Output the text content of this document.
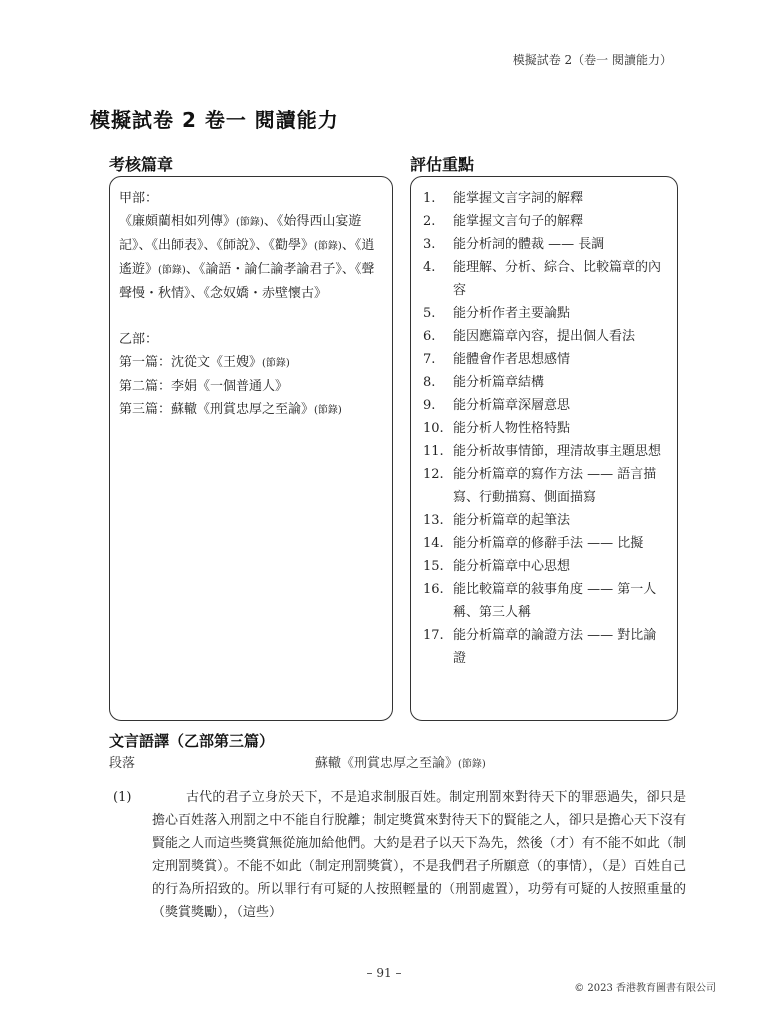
模擬試卷 2（卷一 閱讀能力）
模擬試卷 2 卷一 閱讀能力
考核篇章	評估重點
甲部：
《廉頗藺相如列傳》(節錄)、《始得西山宴遊記》、《出師表》、《師說》、《勸學》(節錄)、《逍遙遊》(節錄)、《論語・論仁論孝論君子》、《聲聲慢・秋情》、《念奴嬌・赤壁懷古》
乙部：
第一篇：沈從文《王嫂》(節錄)
第二篇：李娟《一個普通人》
第三篇：蘇轍《刑賞忠厚之至論》(節錄)
1.	能掌握文言字詞的解釋
2.	能掌握文言句子的解釋
3.	能分析詞的體裁 —— 長調
4.	能理解、分析、綜合、比較篇章的內容
5.	能分析作者主要論點
6.	能因應篇章內容，提出個人看法
7.	能體會作者思想感情
8.	能分析篇章結構
9.	能分析篇章深層意思
10. 能分析人物性格特點
11. 能分析故事情節，理清故事主題思想
12. 能分析篇章的寫作方法 —— 語言描寫、行動描寫、側面描寫
13. 能分析篇章的起筆法
14. 能分析篇章的修辭手法 —— 比擬
15. 能分析篇章中心思想
16. 能比較篇章的敍事角度 —— 第一人稱、第三人稱
17. 能分析篇章的論證方法 —— 對比論證
文言語譯（乙部第三篇）
段落	蘇轍《刑賞忠厚之至論》(節錄)
(1)	古代的君子立身於天下，不是追求制服百姓。制定刑罰來對待天下的罪惡過失，卻只是擔心百姓落入刑罰之中不能自行脫離；制定獎賞來對待天下的賢能之人，卻只是擔心天下沒有賢能之人而這些獎賞無從施加給他們。大約是君子以天下為先，然後（才）有不能不如此（制定刑罰獎賞）。不能不如此（制定刑罰獎賞），不是我們君子所願意（的事情），（是）百姓自己的行為所招致的。所以罪行有可疑的人按照輕量的（刑罰處置），功勞有可疑的人按照重量的（獎賞獎勵），（這些）
– 91 –
© 2023 香港教育圖書有限公司
